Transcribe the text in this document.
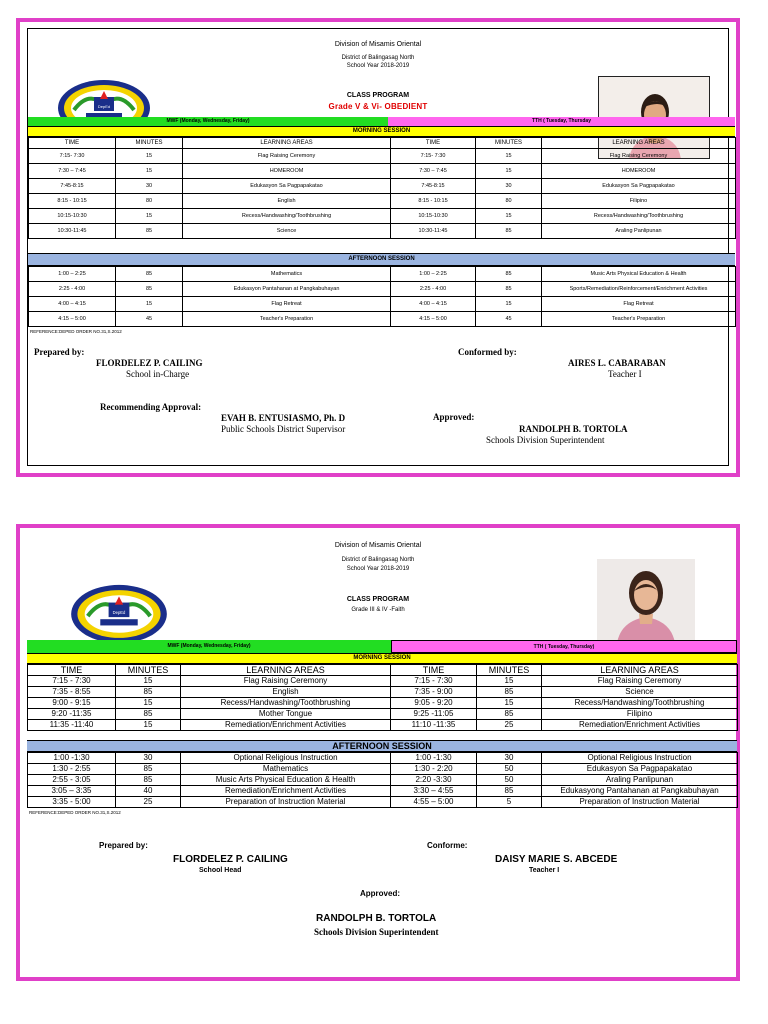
Division of Misamis Oriental
District of Balingasag North
School Year 2018-2019
CLASS PROGRAM
Grade V & Vi- OBEDIENT
DepEd
MWF (Monday, Wednesday, Friday)	TTH ( Tuesday, Thursday
MORNING SESSION
TIME	MINUTES	LEARNING AREAS	TIME	MINUTES	LEARNING AREAS
7:15- 7:30	15	Flag Raising Ceremony	7:15- 7:30	15	Flag Raising Ceremony
7:30 – 7:45	15	HOMEROOM	7:30 – 7:45	15	HOMEROOM
7:45-8:15	30	Edukasyon Sa Pagpapakatao	7:45-8:15	30	Edukasyon Sa Pagpapakatao
8:15 - 10:15	80	English	8:15 - 10:15	80	Filipino
10:15-10:30	15	Recess/Handwashing/Toothbrushing	10:15-10:30	15	Recess/Handwashing/Toothbrushing
10:30-11:45	85	Science	10:30-11:45	85	Araling Panlipunan
AFTERNOON SESSION
1:00 – 2:25	85	Mathematics	1:00 – 2:25	85	Music Arts Physical Education & Health
2:25 - 4:00	85	Edukasyon Pantahanan at Pangkabuhayan	2:25 - 4:00	85	Sports/Remediation/Reinforcement/Enrichment Activities
4:00 – 4:15	15	Flag Retreat	4:00 – 4:15	15	Flag Retreat
4:15 – 5:00	45	Teacher's Preparation	4:15 – 5:00	45	Teacher's Preparation
REFERENCE:DEPED ORDER NO.31,S.2012
Prepared by:
FLORDELEZ P. CAILING
School in-Charge
Conformed by:
AIRES L. CABARABAN
Teacher I
Recommending Approval:
EVAH B. ENTUSIASMO, Ph. D
Public Schools District Supervisor
Approved:
RANDOLPH B. TORTOLA
Schools Division Superintendent
Division of Misamis Oriental
District of Balingasag North
School Year 2018-2019
CLASS PROGRAM
Grade III & IV -Faith
DepEd
MWF (Monday, Wednesday, Friday)	TTH ( Tuesday, Thursday)
MORNING SESSION
TIME	MINUTES	LEARNING AREAS	TIME	MINUTES	LEARNING AREAS
7:15 - 7:30	15	Flag Raising Ceremony	7:15 - 7:30	15	Flag Raising Ceremony
7:35 - 8:55	85	English	7:35 - 9:00	85	Science
9:00 - 9:15	15	Recess/Handwashing/Toothbrushing	9:05 - 9:20	15	Recess/Handwashing/Toothbrushing
9:20 -11:35	85	Mother Tongue	9:25 -11:05	85	Filipino
11:35 -11:40	15	Remediation/Enrichment Activities	11:10 -11:35	25	Remediation/Enrichment Activities
AFTERNOON SESSION
1:00 -1:30	30	Optional Religious Instruction	1:00 -1:30	30	Optional Religious Instruction
1:30 - 2:55	85	Mathematics	1:30 - 2:20	50	Edukasyon Sa Pagpapakatao
2:55 - 3:05	85	Music Arts Physical Education & Health	2:20 -3:30	50	Araling Panlipunan
3:05 – 3:35	40	Remediation/Enrichment Activities	3:30 – 4:55	85	Edukasyong Pantahanan at Pangkabuhayan
3:35 - 5:00	25	Preparation of Instruction Material	4:55 – 5:00	5	Preparation of Instruction Material
REFERENCE:DEPED ORDER NO.31,S.2012
Prepared by:
FLORDELEZ P. CAILING
School Head
Conforme:
DAISY MARIE S. ABCEDE
Teacher I
Approved:
RANDOLPH B. TORTOLA
Schools Division Superintendent
